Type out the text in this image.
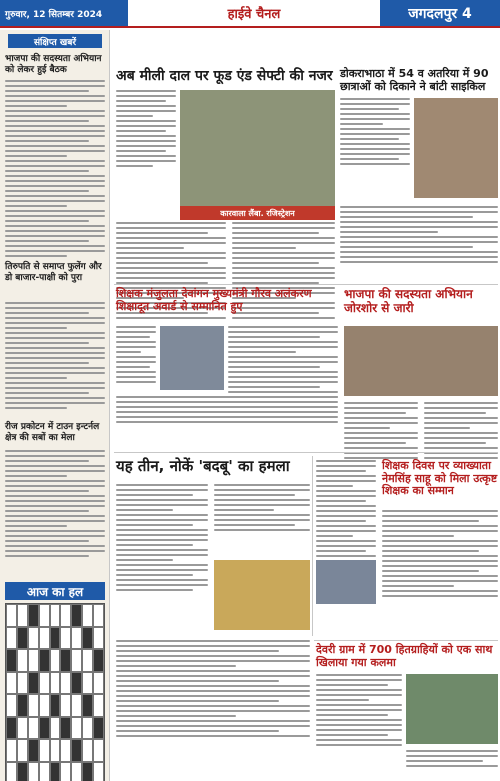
गुरुवार, 12 सितम्बर 2024	हाईवे चैनल	जगदलपुर 4
संक्षिप्त खबरें
भाजपा की सदस्यता अभियान को लेकर हुई बैठक
तिरुपति से समाप्त फुलेंग और डो बाजार-पाक्षी को पुरा
रीज प्रकोटन में टाउन इन्टर्नल क्षेत्र की सबों का मेला
आज का हल
अब मीली दाल पर फूड एंड सेफ्टी की नजर
कारवाला लैंबा. रजिस्ट्रेशन
डोकराभाठा में 54 व अतरिया में 90 छात्राओं को दिकाने ने बांटी साइकिल
शिक्षक मंजुलता देवांगन मुख्यमंत्री गौरव अलंकरण शिक्षादूत अवार्ड से सम्मानित हुए
भाजपा की सदस्यता अभियान जोरशोर से जारी
यह तीन, नोकें 'बदबू' का हमला	शिक्षक दिवस पर व्याख्याता नेमसिंह साहू को मिला उत्कृष्ट शिक्षक का सम्मान
देवरी ग्राम में 700 हितग्राहियों को एक साथ खिलाया गया कलमा
